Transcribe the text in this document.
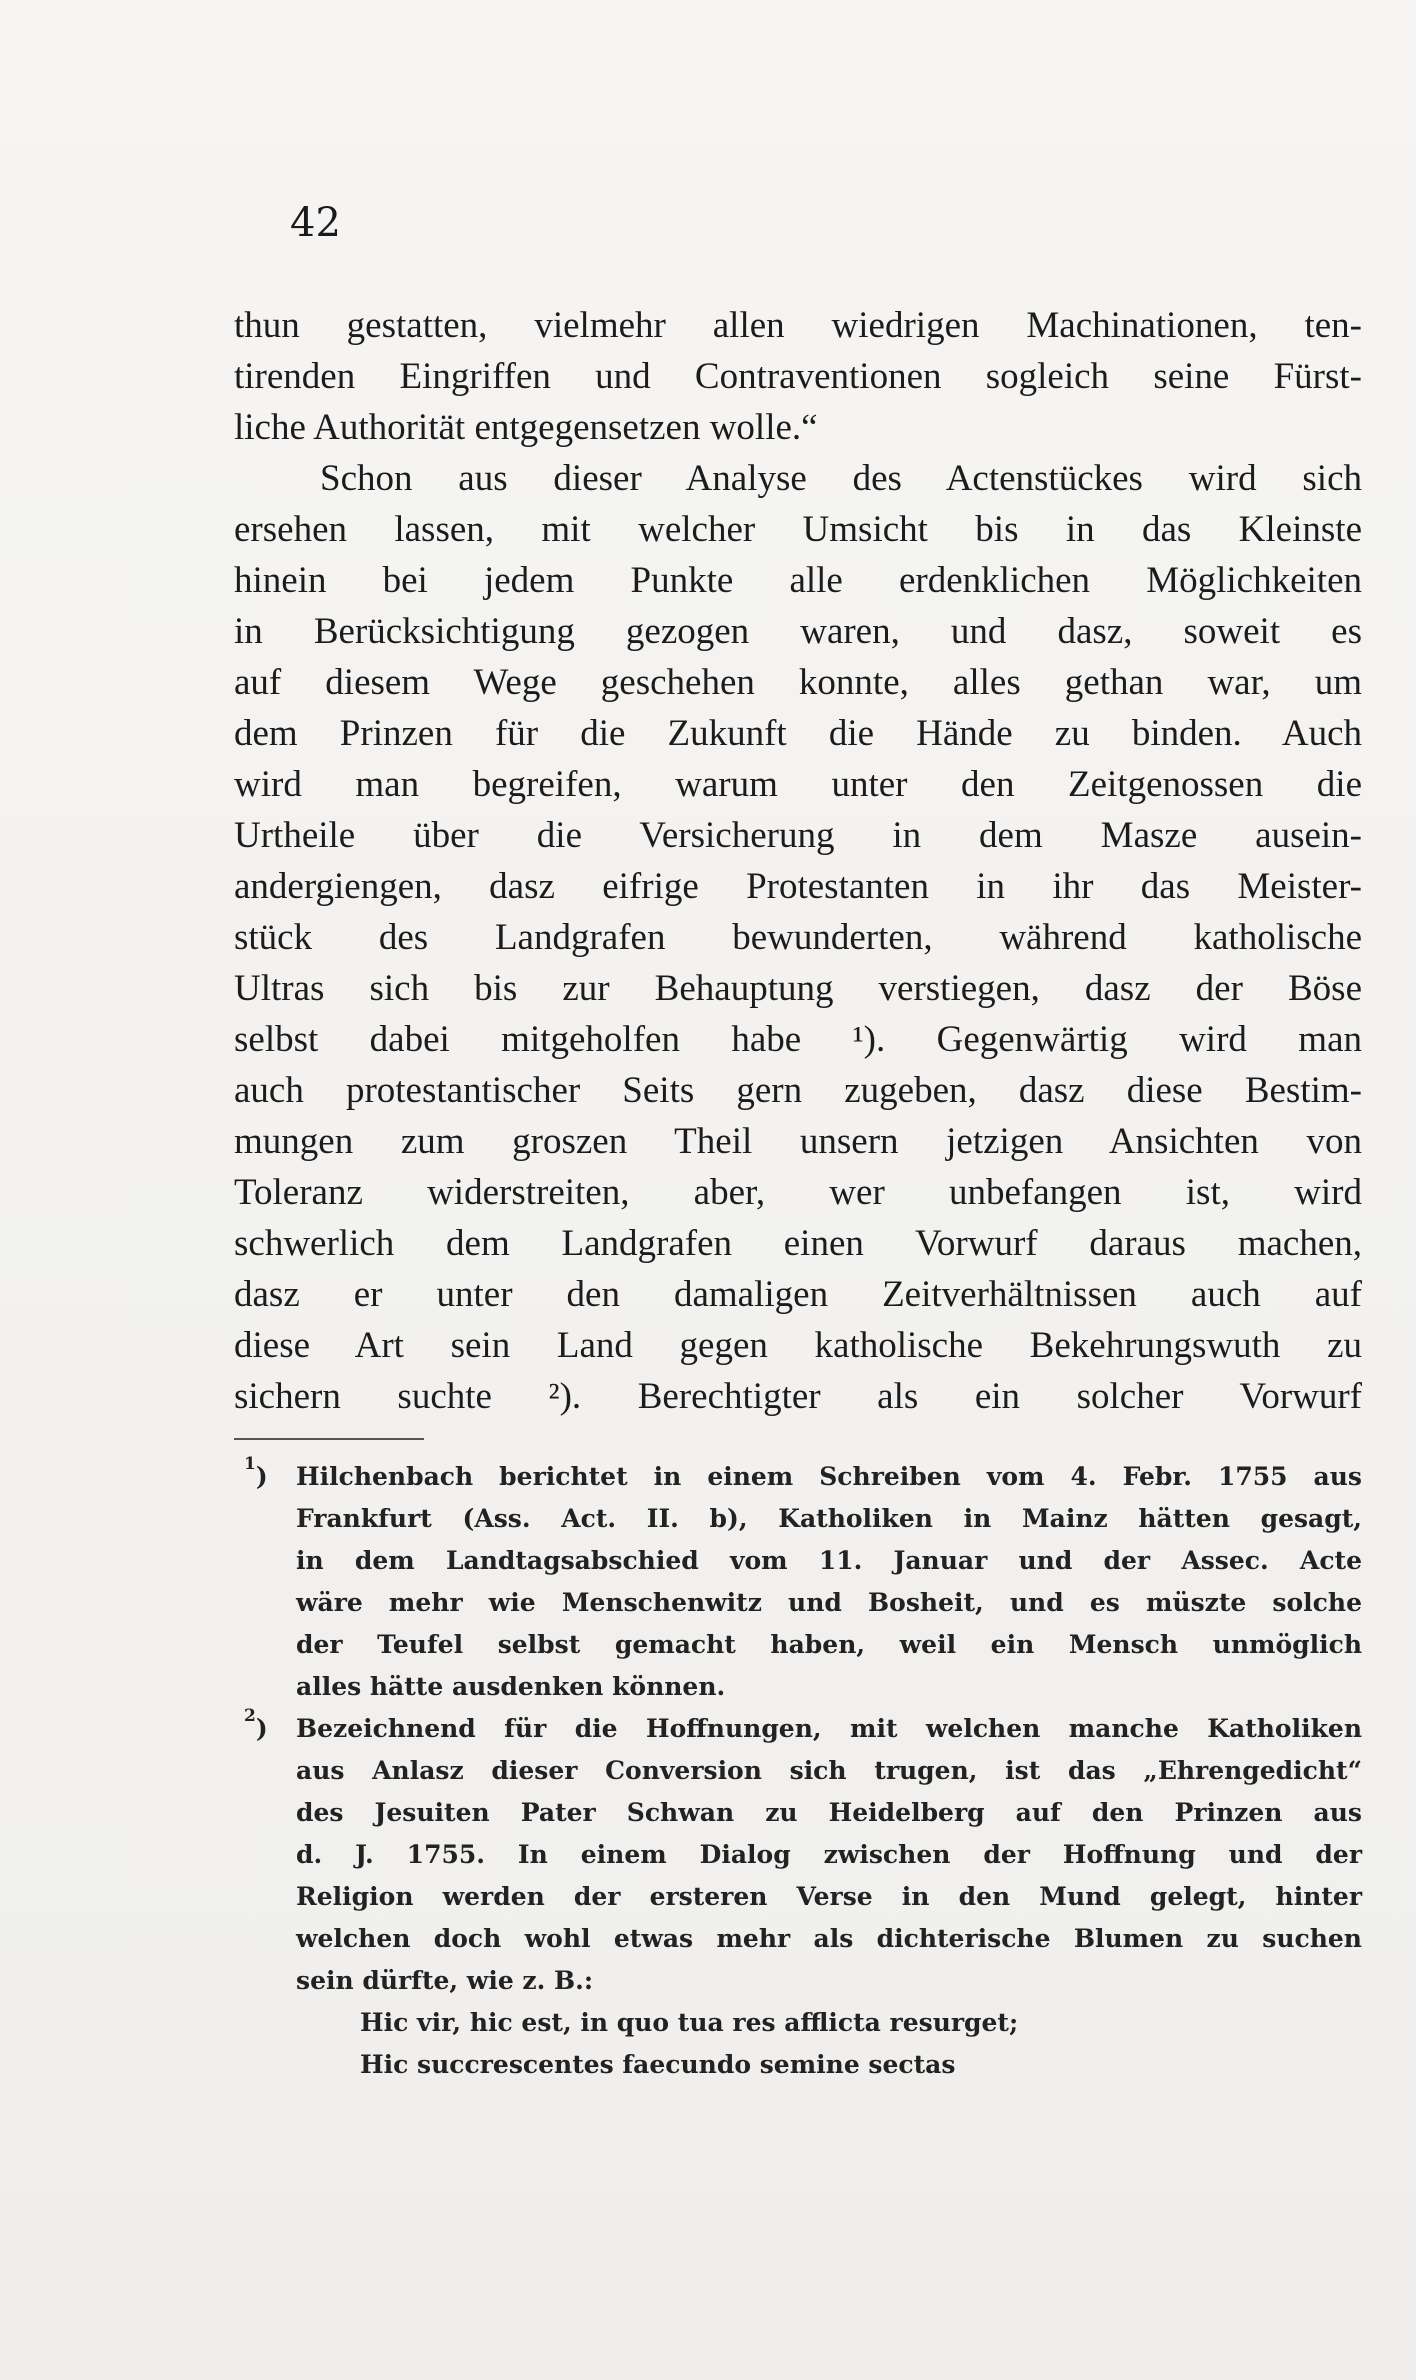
42
thun gestatten, vielmehr allen wiedrigen Machinationen, ten-
tirenden Eingriffen und Contraventionen sogleich seine Fürst-
liche Authorität entgegensetzen wolle.“
Schon aus dieser Analyse des Actenstückes wird sich
ersehen lassen, mit welcher Umsicht bis in das Kleinste
hinein bei jedem Punkte alle erdenklichen Möglichkeiten
in Berücksichtigung gezogen waren, und dasz, soweit es
auf diesem Wege geschehen konnte, alles gethan war, um
dem Prinzen für die Zukunft die Hände zu binden. Auch
wird man begreifen, warum unter den Zeitgenossen die
Urtheile über die Versicherung in dem Masze ausein-
andergiengen, dasz eifrige Protestanten in ihr das Meister-
stück des Landgrafen bewunderten, während katholische
Ultras sich bis zur Behauptung verstiegen, dasz der Böse
selbst dabei mitgeholfen habe ¹). Gegenwärtig wird man
auch protestantischer Seits gern zugeben, dasz diese Bestim-
mungen zum groszen Theil unsern jetzigen Ansichten von
Toleranz widerstreiten, aber, wer unbefangen ist, wird
schwerlich dem Landgrafen einen Vorwurf daraus machen,
dasz er unter den damaligen Zeitverhältnissen auch auf
diese Art sein Land gegen katholische Bekehrungswuth zu
sichern suchte ²). Berechtigter als ein solcher Vorwurf
$^1$) Hilchenbach berichtet in einem Schreiben vom 4. Febr. 1755 aus
Frankfurt (Ass. Act. II. b), Katholiken in Mainz hätten gesagt,
in dem Landtagsabschied vom 11. Januar und der Assec. Acte
wäre mehr wie Menschenwitz und Bosheit, und es müszte solche
der Teufel selbst gemacht haben, weil ein Mensch unmöglich
alles hätte ausdenken können.
$^2$) Bezeichnend für die Hoffnungen, mit welchen manche Katholiken
aus Anlasz dieser Conversion sich trugen, ist das „Ehrengedicht“
des Jesuiten Pater Schwan zu Heidelberg auf den Prinzen aus
d. J. 1755. In einem Dialog zwischen der Hoffnung und der
Religion werden der ersteren Verse in den Mund gelegt, hinter
welchen doch wohl etwas mehr als dichterische Blumen zu suchen
sein dürfte, wie z. B.:
Hic vir, hic est, in quo tua res afflicta resurget;
Hic succrescentes faecundo semine sectas
